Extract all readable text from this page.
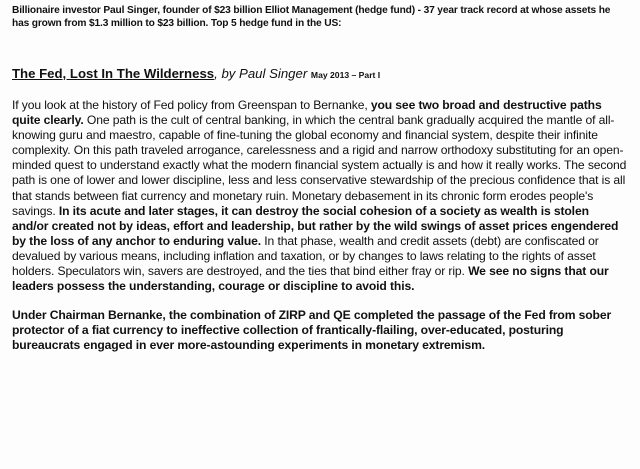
Billionaire investor Paul Singer, founder of $23 billion Elliot Management (hedge fund) - 37 year track record at whose assets he has grown from $1.3 million to $23 billion. Top 5 hedge fund in the US:

The Fed, Lost In The Wilderness, by Paul Singer May 2013 – Part I

If you look at the history of Fed policy from Greenspan to Bernanke, you see two broad and destructive paths quite clearly. One path is the cult of central banking, in which the central bank gradually acquired the mantle of all-knowing guru and maestro, capable of fine-tuning the global economy and financial system, despite their infinite complexity. On this path traveled arrogance, carelessness and a rigid and narrow orthodoxy substituting for an open-minded quest to understand exactly what the modern financial system actually is and how it really works. The second path is one of lower and lower discipline, less and less conservative stewardship of the precious confidence that is all that stands between fiat currency and monetary ruin. Monetary debasement in its chronic form erodes people's savings. In its acute and later stages, it can destroy the social cohesion of a society as wealth is stolen and/or created not by ideas, effort and leadership, but rather by the wild swings of asset prices engendered by the loss of any anchor to enduring value. In that phase, wealth and credit assets (debt) are confiscated or devalued by various means, including inflation and taxation, or by changes to laws relating to the rights of asset holders. Speculators win, savers are destroyed, and the ties that bind either fray or rip. We see no signs that our leaders possess the understanding, courage or discipline to avoid this.

Under Chairman Bernanke, the combination of ZIRP and QE completed the passage of the Fed from sober protector of a fiat currency to ineffective collection of frantically-flailing, over-educated, posturing bureaucrats engaged in ever more-astounding experiments in monetary extremism.
